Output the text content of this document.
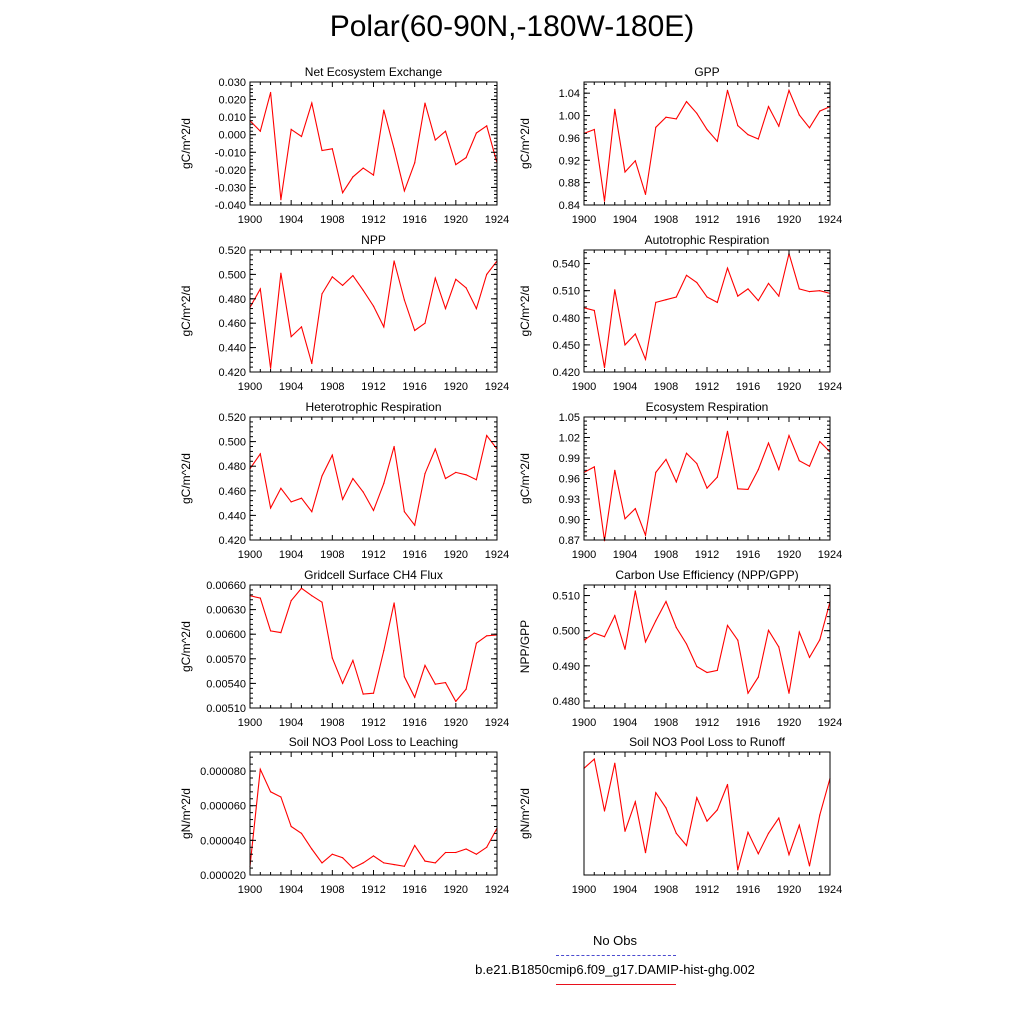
Polar(60-90N,-180W-180E)
1900 1904 1908 1912 1916 1920 1924
-0.040
-0.030
-0.020
-0.010
0.000
0.010
0.020
0.030
Net Ecosystem Exchange
gC/m^2/d
1900 1904 1908 1912 1916 1920 1924
0.84
0.88
0.92
0.96
1.00
1.04
GPP
gC/m^2/d
1900 1904 1908 1912 1916 1920 1924
0.420
0.440
0.460
0.480
0.500
0.520
NPP
gC/m^2/d
1900 1904 1908 1912 1916 1920 1924
0.420
0.450
0.480
0.510
0.540
Autotrophic Respiration
gC/m^2/d
1900 1904 1908 1912 1916 1920 1924
0.420
0.440
0.460
0.480
0.500
0.520
Heterotrophic Respiration
gC/m^2/d
1900 1904 1908 1912 1916 1920 1924
0.87
0.90
0.93
0.96
0.99
1.02
1.05
Ecosystem Respiration
gC/m^2/d
1900 1904 1908 1912 1916 1920 1924
0.00510
0.00540
0.00570
0.00600
0.00630
0.00660
Gridcell Surface CH4 Flux
gC/m^2/d
1900 1904 1908 1912 1916 1920 1924
0.480
0.490
0.500
0.510
Carbon Use Efficiency (NPP/GPP)
NPP/GPP
1900 1904 1908 1912 1916 1920 1924
0.000020
0.000040
0.000060
0.000080
Soil NO3 Pool Loss to Leaching
gN/m^2/d
1900 1904 1908 1912 1916 1920 1924
Soil NO3 Pool Loss to Runoff
gN/m^2/d
No Obs
b.e21.B1850cmip6.f09_g17.DAMIP-hist-ghg.002
